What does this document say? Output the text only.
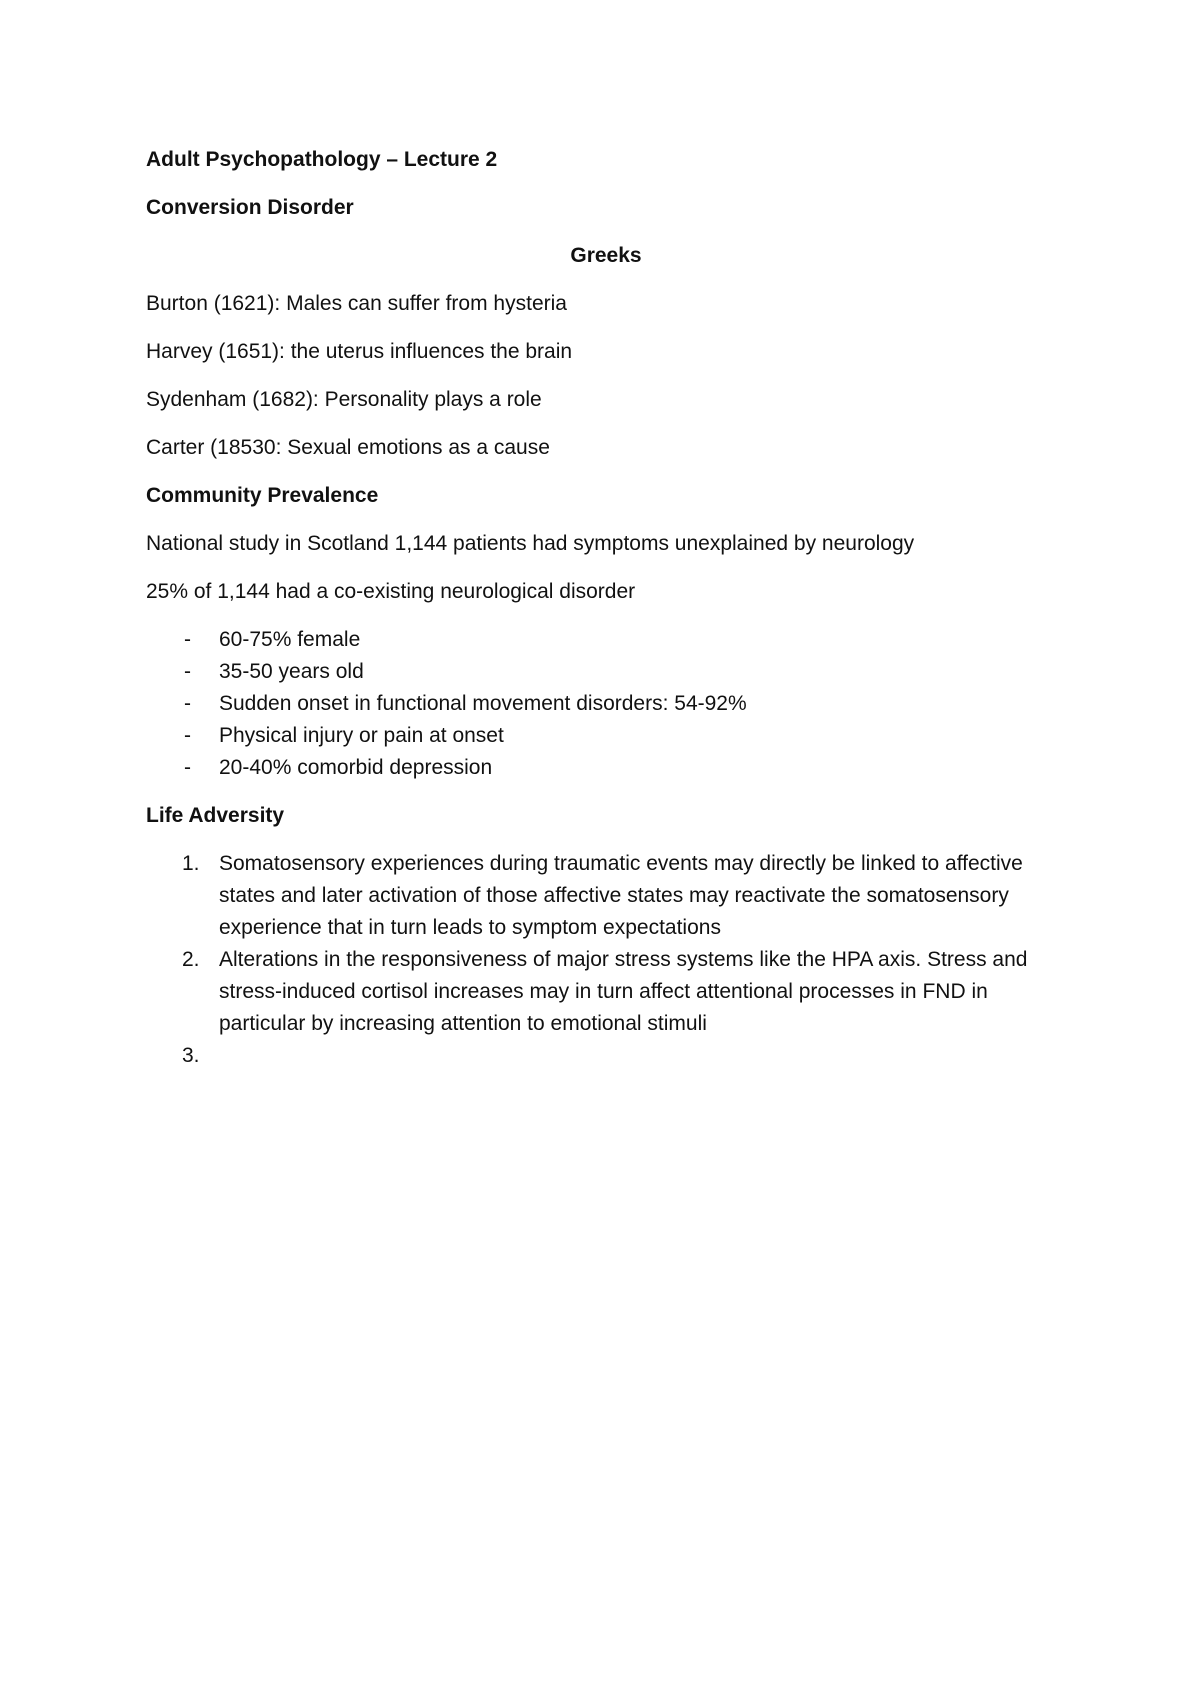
Adult Psychopathology – Lecture 2

Conversion Disorder

Greeks

Burton (1621): Males can suffer from hysteria

Harvey (1651): the uterus influences the brain

Sydenham (1682): Personality plays a role

Carter (18530: Sexual emotions as a cause

Community Prevalence

National study in Scotland 1,144 patients had symptoms unexplained by neurology

25% of 1,144 had a co-existing neurological disorder

- 60-75% female
- 35-50 years old
- Sudden onset in functional movement disorders: 54-92%
- Physical injury or pain at onset
- 20-40% comorbid depression

Life Adversity

1. Somatosensory experiences during traumatic events may directly be linked to affective states and later activation of those affective states may reactivate the somatosensory experience that in turn leads to symptom expectations
2. Alterations in the responsiveness of major stress systems like the HPA axis. Stress and stress-induced cortisol increases may in turn affect attentional processes in FND in particular by increasing attention to emotional stimuli
3.
